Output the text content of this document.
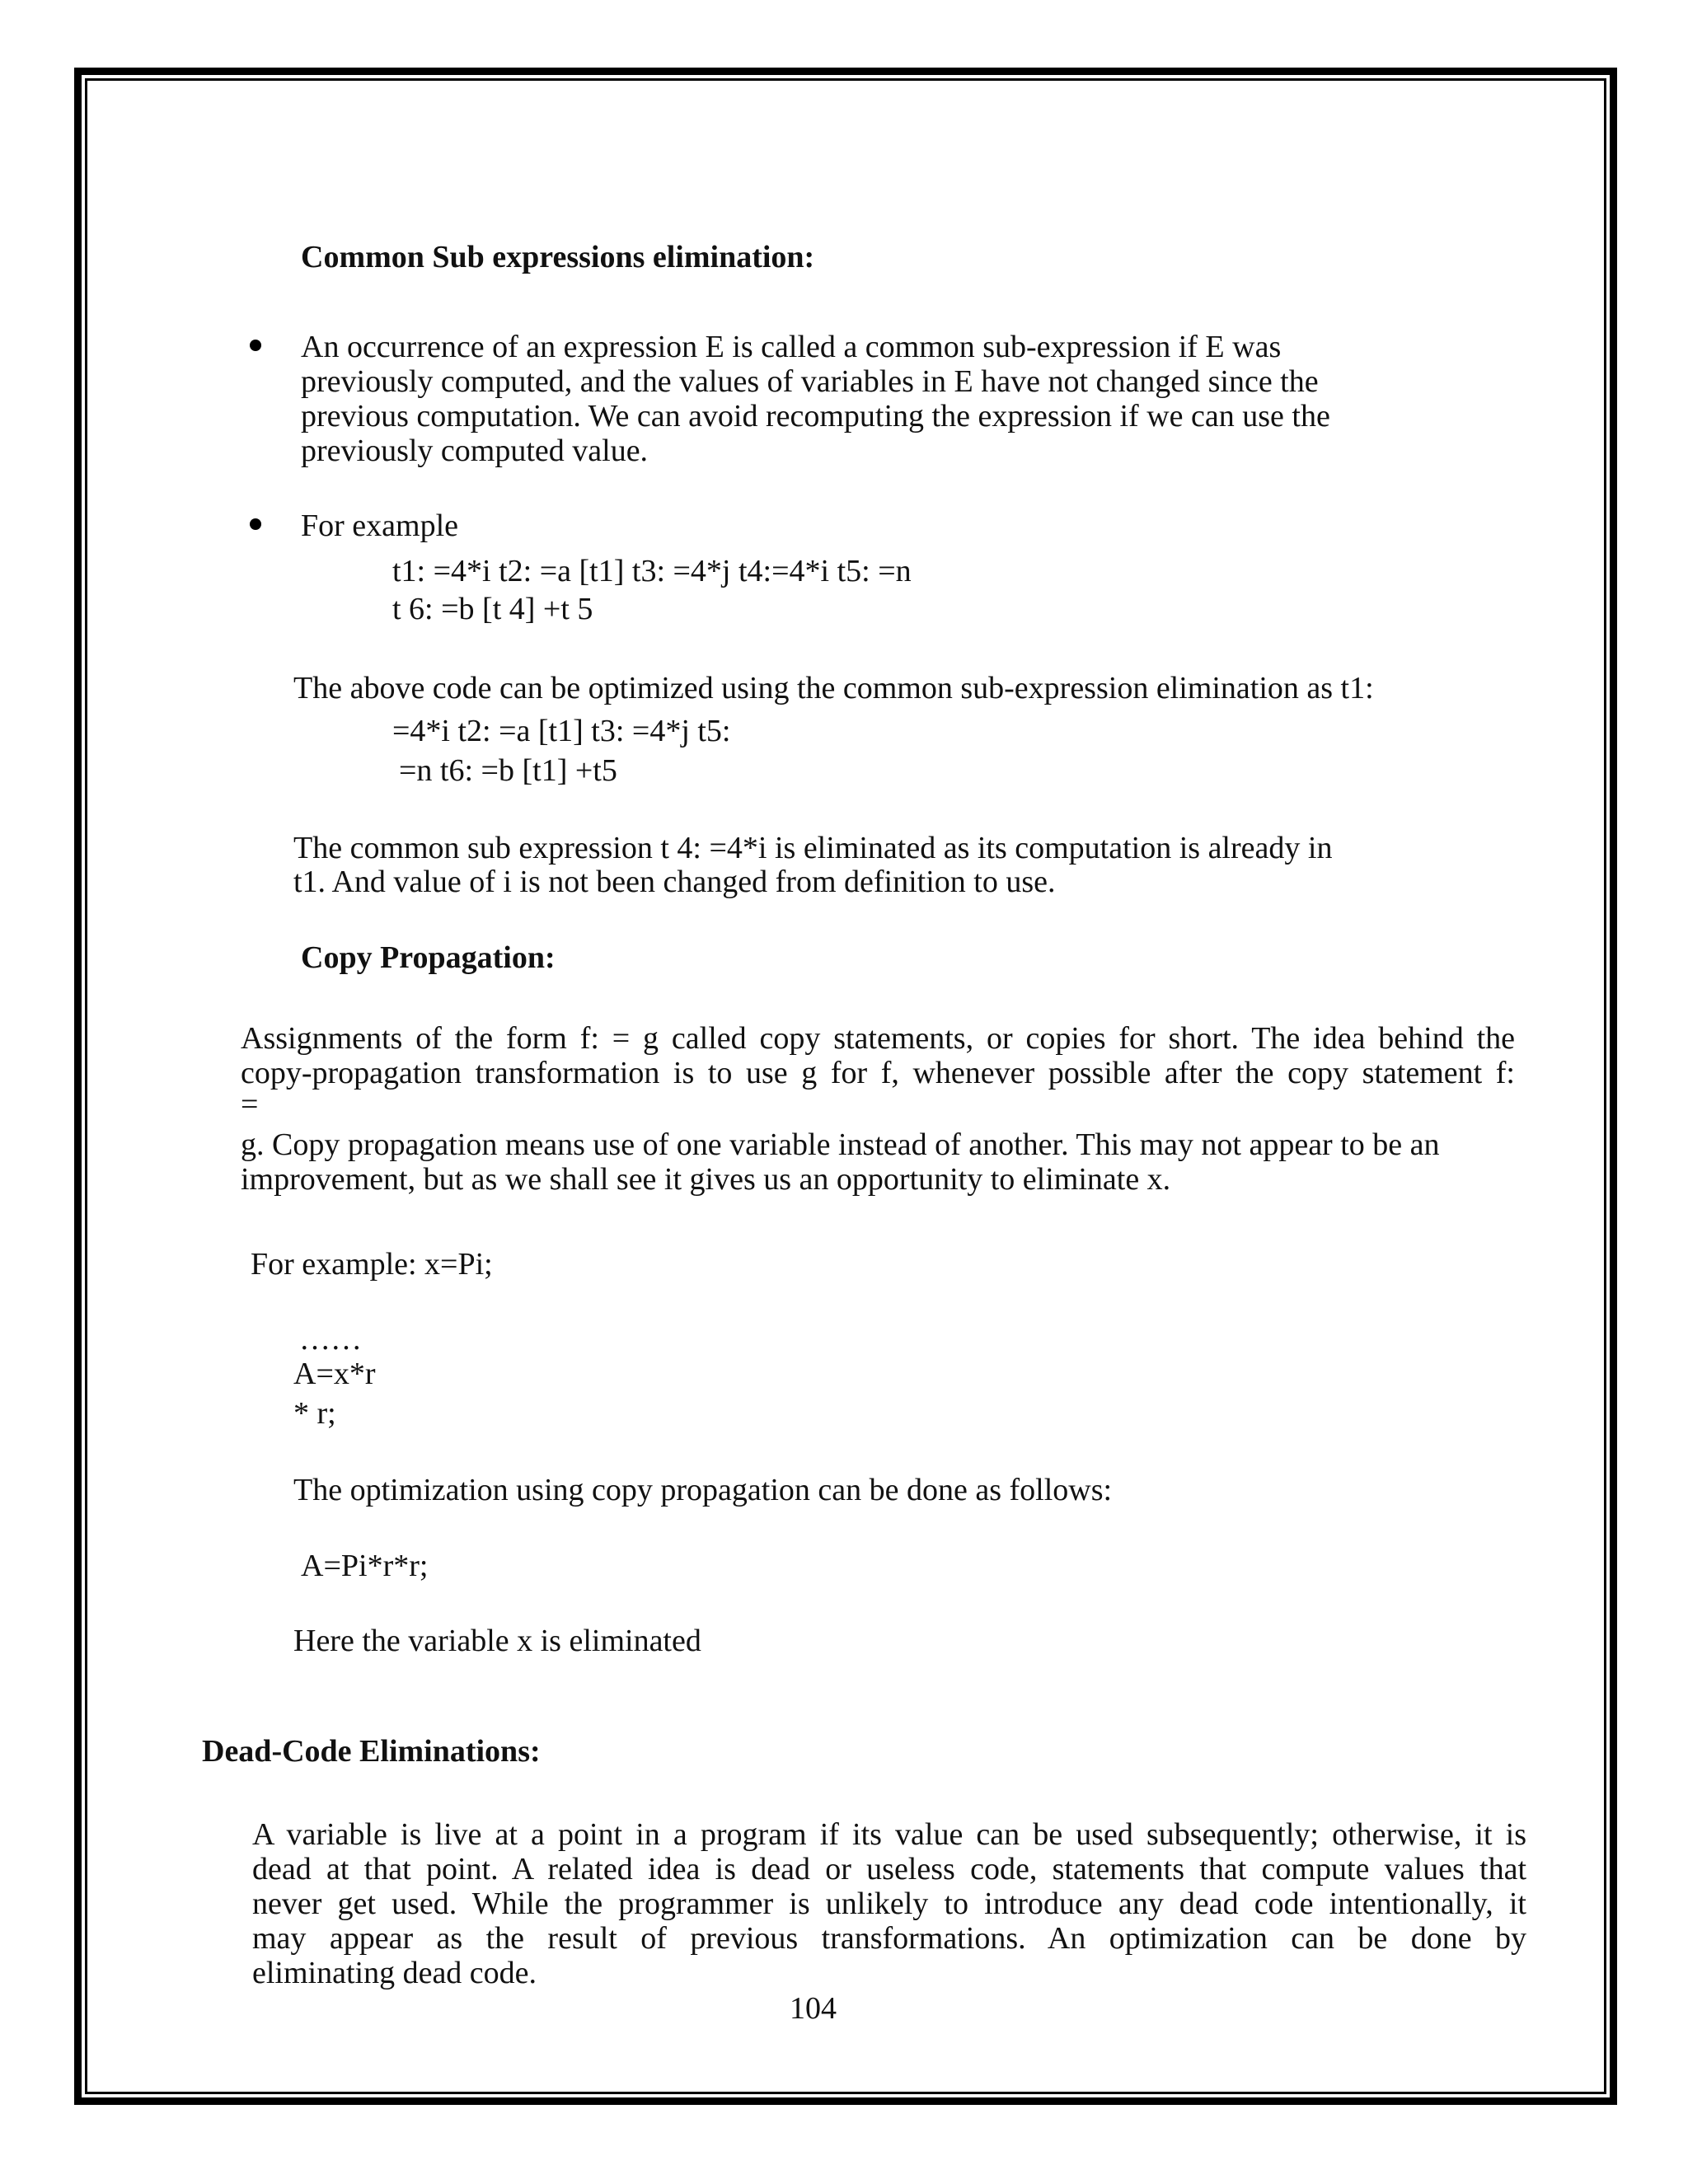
Common Sub expressions elimination:
An occurrence of an expression E is called a common sub-expression if E was
previously computed, and the values of variables in E have not changed since the
previous computation. We can avoid recomputing the expression if we can use the
previously computed value.
For example
t1: =4*i t2: =a [t1] t3: =4*j t4:=4*i t5: =n
t 6: =b [t 4] +t 5
The above code can be optimized using the common sub-expression elimination as t1:
=4*i t2: =a [t1] t3: =4*j t5:
=n t6: =b [t1] +t5
The common sub expression t 4: =4*i is eliminated as its computation is already in
t1. And value of i is not been changed from definition to use.
Copy Propagation:
Assignments of the form f: = g called copy statements, or copies for short. The idea behind the
copy-propagation transformation is to use g for f, whenever possible after the copy statement f:
=
g. Copy propagation means use of one variable instead of another. This may not appear to be an
improvement, but as we shall see it gives us an opportunity to eliminate x.
For example: x=Pi;
……
A=x*r
* r;
The optimization using copy propagation can be done as follows:
A=Pi*r*r;
Here the variable x is eliminated
Dead-Code Eliminations:
A variable is live at a point in a program if its value can be used subsequently; otherwise, it is
dead at that point. A related idea is dead or useless code, statements that compute values that
never get used. While the programmer is unlikely to introduce any dead code intentionally, it
may appear as the result of previous transformations. An optimization can be done by
eliminating dead code.
104
